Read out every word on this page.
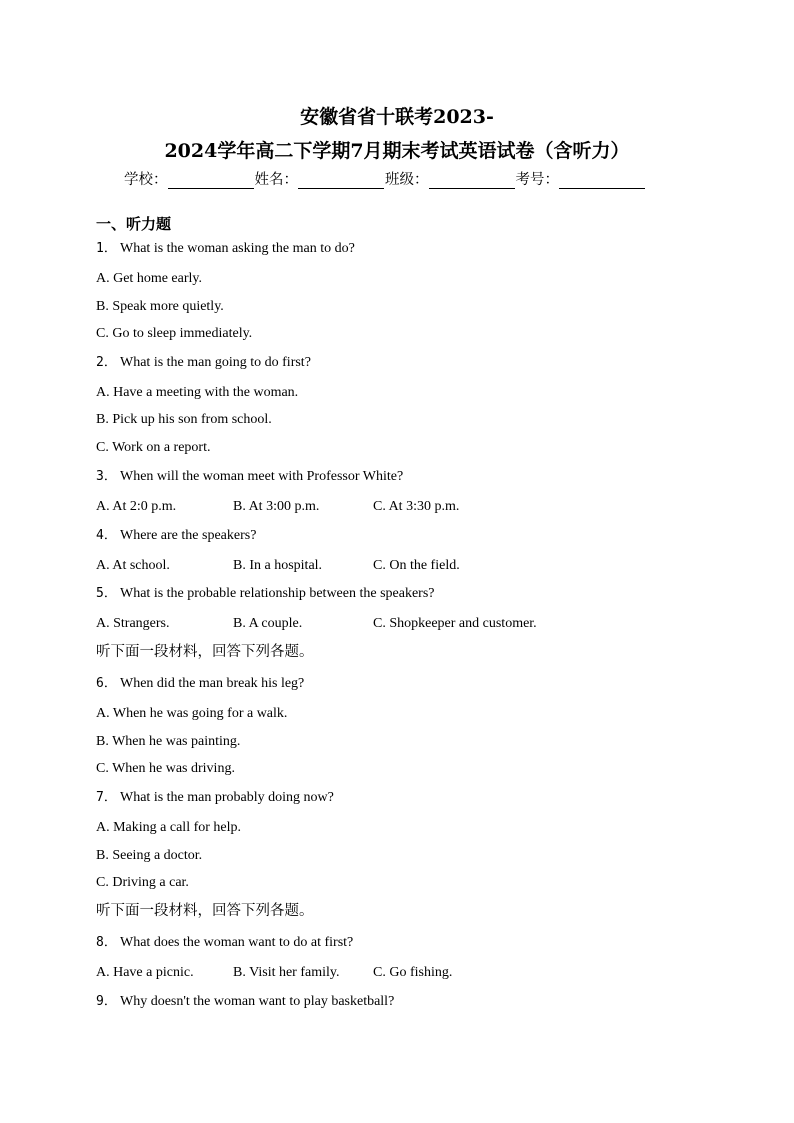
安徽省省十联考2023-
2024学年高二下学期7月期末考试英语试卷（含听力）
学校：	姓名：	班级：	考号：
一、听力题
1． What is the woman asking the man to do?
A. Get home early.
B. Speak more quietly.
C. Go to sleep immediately.
2． What is the man going to do first?
A. Have a meeting with the woman.
B. Pick up his son from school.
C. Work on a report.
3． When will the woman meet with Professor White?
A. At 2:0 p.m.	B. At 3:00 p.m.	C. At 3:30 p.m.
4． Where are the speakers?
A. At school.	B. In a hospital.	C. On the field.
5． What is the probable relationship between the speakers?
A. Strangers.	B. A couple.	C. Shopkeeper and customer.
听下面一段材料，回答下列各题。
6． When did the man break his leg?
A. When he was going for a walk.
B. When he was painting.
C. When he was driving.
7． What is the man probably doing now?
A. Making a call for help.
B. Seeing a doctor.
C. Driving a car.
听下面一段材料，回答下列各题。
8． What does the woman want to do at first?
A. Have a picnic.	B. Visit her family. C. Go fishing.
9． Why doesn't the woman want to play basketball?
